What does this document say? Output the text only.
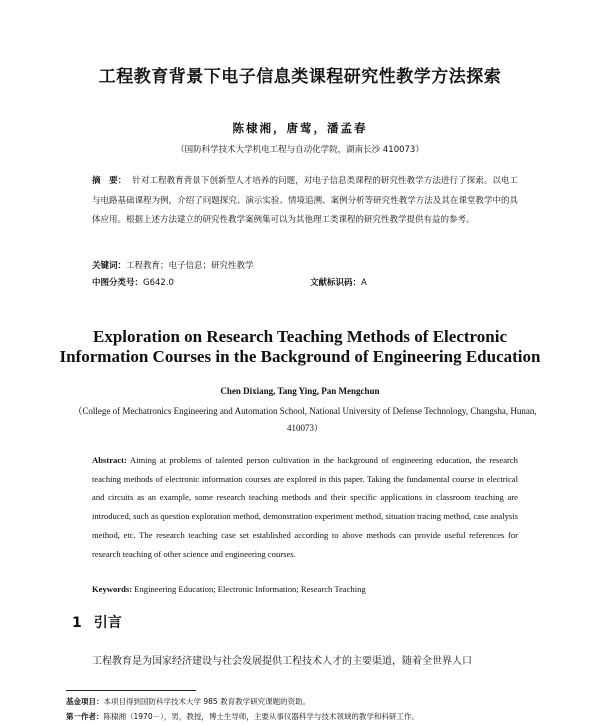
工程教育背景下电子信息类课程研究性教学方法探索
陈棣湘，唐莺，潘孟春
（国防科学技术大学机电工程与自动化学院，湖南长沙 410073）
摘　要： 针对工程教育背景下创新型人才培养的问题，对电子信息类课程的研究性教学方法进行了探索。以电工与电路基础课程为例，介绍了问题探究、演示实验、情境追溯、案例分析等研究性教学方法及其在课堂教学中的具体应用。根据上述方法建立的研究性教学案例集可以为其他理工类课程的研究性教学提供有益的参考。
关键词：工程教育；电子信息；研究性教学
中图分类号：G642.0	文献标识码：A
Exploration on Research Teaching Methods of Electronic
Information Courses in the Background of Engineering Education
Chen Dixiang, Tang Ying, Pan Mengchun
（College of Mechatronics Engineering and Automation School, National University of Defense Technology, Changsha, Hunan, 410073）
Abstract: Aiming at problems of talented person cultivation in the background of engineering education, the research teaching methods of electronic information courses are explored in this paper. Taking the fundamental course in electrical and circuits as an example, some research teaching methods and their specific applications in classroom teaching are introduced, such as question exploration method, demonstration experiment method, situation tracing method, case analysis method, etc. The research teaching case set established according to above methods can provide useful references for research teaching of other science and engineering courses.
Keywords: Engineering Education; Electronic Information; Research Teaching
1 引言
工程教育是为国家经济建设与社会发展提供工程技术人才的主要渠道，随着全世界人口
基金项目：本项目得到国防科学技术大学 985 教育教学研究课题的资助。
第一作者：陈棣湘（1970－），男，教授，博士生导师，主要从事仪器科学与技术领域的教学和科研工作。
